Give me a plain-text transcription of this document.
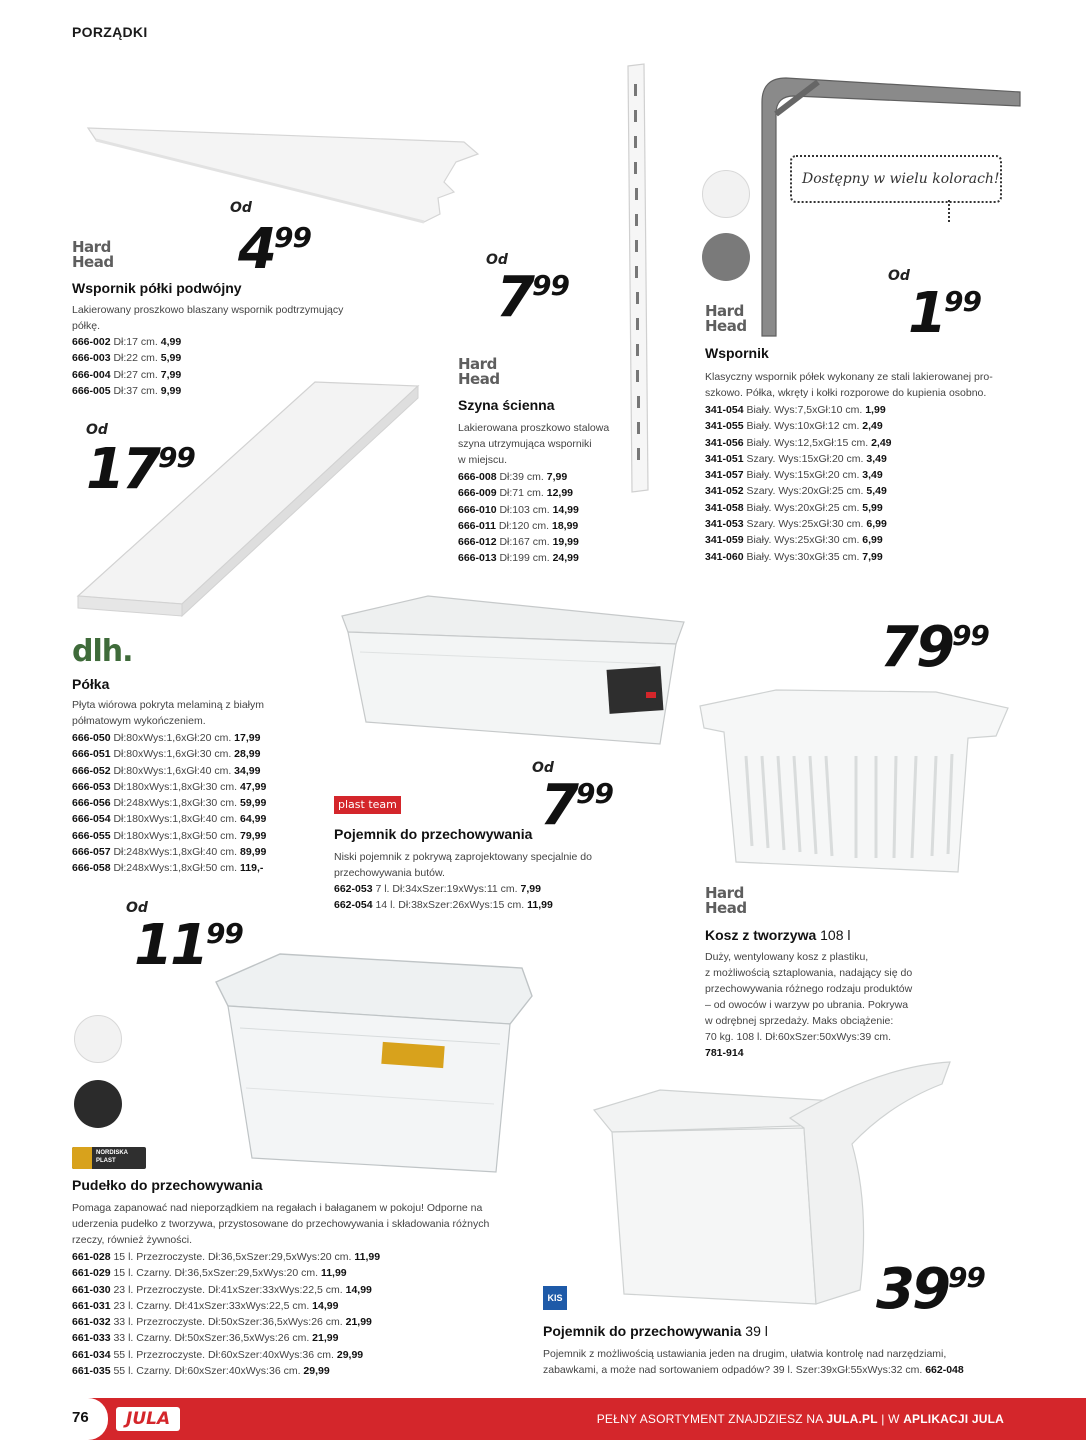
PORZĄDKI
Od
499
Hard
Head
Wspornik półki podwójny
Lakierowany proszkowo blaszany wspornik podtrzymujący półkę.
666-002 Dł:17 cm. 4,99
666-003 Dł:22 cm. 5,99
666-004 Dł:27 cm. 7,99
666-005 Dł:37 cm. 9,99
Od
1799
dlh.
Półka
Płyta wiórowa pokryta melaminą z białym
półmatowym wykończeniem.
666-050 Dł:80xWys:1,6xGł:20 cm. 17,99
666-051 Dł:80xWys:1,6xGł:30 cm. 28,99
666-052 Dł:80xWys:1,6xGł:40 cm. 34,99
666-053 Dł:180xWys:1,8xGł:30 cm. 47,99
666-056 Dł:248xWys:1,8xGł:30 cm. 59,99
666-054 Dł:180xWys:1,8xGł:40 cm. 64,99
666-055 Dł:180xWys:1,8xGł:50 cm. 79,99
666-057 Dł:248xWys:1,8xGł:40 cm. 89,99
666-058 Dł:248xWys:1,8xGł:50 cm. 119,-
Od
799
Hard
Head
Szyna ścienna
Lakierowana proszkowo stalowa
szyna utrzymująca wsporniki
w miejscu.
666-008 Dł:39 cm. 7,99
666-009 Dł:71 cm. 12,99
666-010 Dł:103 cm. 14,99
666-011 Dł:120 cm. 18,99
666-012 Dł:167 cm. 19,99
666-013 Dł:199 cm. 24,99
Dostępny w wielu kolorach!
Od
199
Hard
Head
Wspornik
Klasyczny wspornik półek wykonany ze stali lakierowanej pro-
szkowo. Półka, wkręty i kołki rozporowe do kupienia osobno.
341-054 Biały. Wys:7,5xGł:10 cm. 1,99
341-055 Biały. Wys:10xGł:12 cm. 2,49
341-056 Biały. Wys:12,5xGł:15 cm. 2,49
341-051 Szary. Wys:15xGł:20 cm. 3,49
341-057 Biały. Wys:15xGł:20 cm. 3,49
341-052 Szary. Wys:20xGł:25 cm. 5,49
341-058 Biały. Wys:20xGł:25 cm. 5,99
341-053 Szary. Wys:25xGł:30 cm. 6,99
341-059 Biały. Wys:25xGł:30 cm. 6,99
341-060 Biały. Wys:30xGł:35 cm. 7,99
Od
799
plast team
Pojemnik do przechowywania
Niski pojemnik z pokrywą zaprojektowany specjalnie do
przechowywania butów.
662-053 7 l. Dł:34xSzer:19xWys:11 cm. 7,99
662-054 14 l. Dł:38xSzer:26xWys:15 cm. 11,99
7999
Hard
Head
Kosz z tworzywa 108 l
Duży, wentylowany kosz z plastiku,
z możliwością sztaplowania, nadający się do
przechowywania różnego rodzaju produktów
– od owoców i warzyw po ubrania. Pokrywa
w odrębnej sprzedaży. Maks obciążenie:
70 kg. 108 l. Dł:60xSzer:50xWys:39 cm.
781-914
Od
1199
NORDISKA PLAST
Pudełko do przechowywania
Pomaga zapanować nad nieporządkiem na regałach i bałaganem w pokoju! Odporne na
uderzenia pudełko z tworzywa, przystosowane do przechowywania i składowania różnych
rzeczy, również żywności.
661-028 15 l. Przezroczyste. Dł:36,5xSzer:29,5xWys:20 cm. 11,99
661-029 15 l. Czarny. Dł:36,5xSzer:29,5xWys:20 cm. 11,99
661-030 23 l. Przezroczyste. Dł:41xSzer:33xWys:22,5 cm. 14,99
661-031 23 l. Czarny. Dł:41xSzer:33xWys:22,5 cm. 14,99
661-032 33 l. Przezroczyste. Dł:50xSzer:36,5xWys:26 cm. 21,99
661-033 33 l. Czarny. Dł:50xSzer:36,5xWys:26 cm. 21,99
661-034 55 l. Przezroczyste. Dł:60xSzer:40xWys:36 cm. 29,99
661-035 55 l. Czarny. Dł:60xSzer:40xWys:36 cm. 29,99
3999
KIS
Pojemnik do przechowywania 39 l
Pojemnik z możliwością ustawiania jeden na drugim, ułatwia kontrolę nad narzędziami,
zabawkami, a może nad sortowaniem odpadów? 39 l. Szer:39xGł:55xWys:32 cm. 662-048
76	JULA	PEŁNY ASORTYMENT ZNAJDZIESZ NA JULA.PL | W APLIKACJI JULA
